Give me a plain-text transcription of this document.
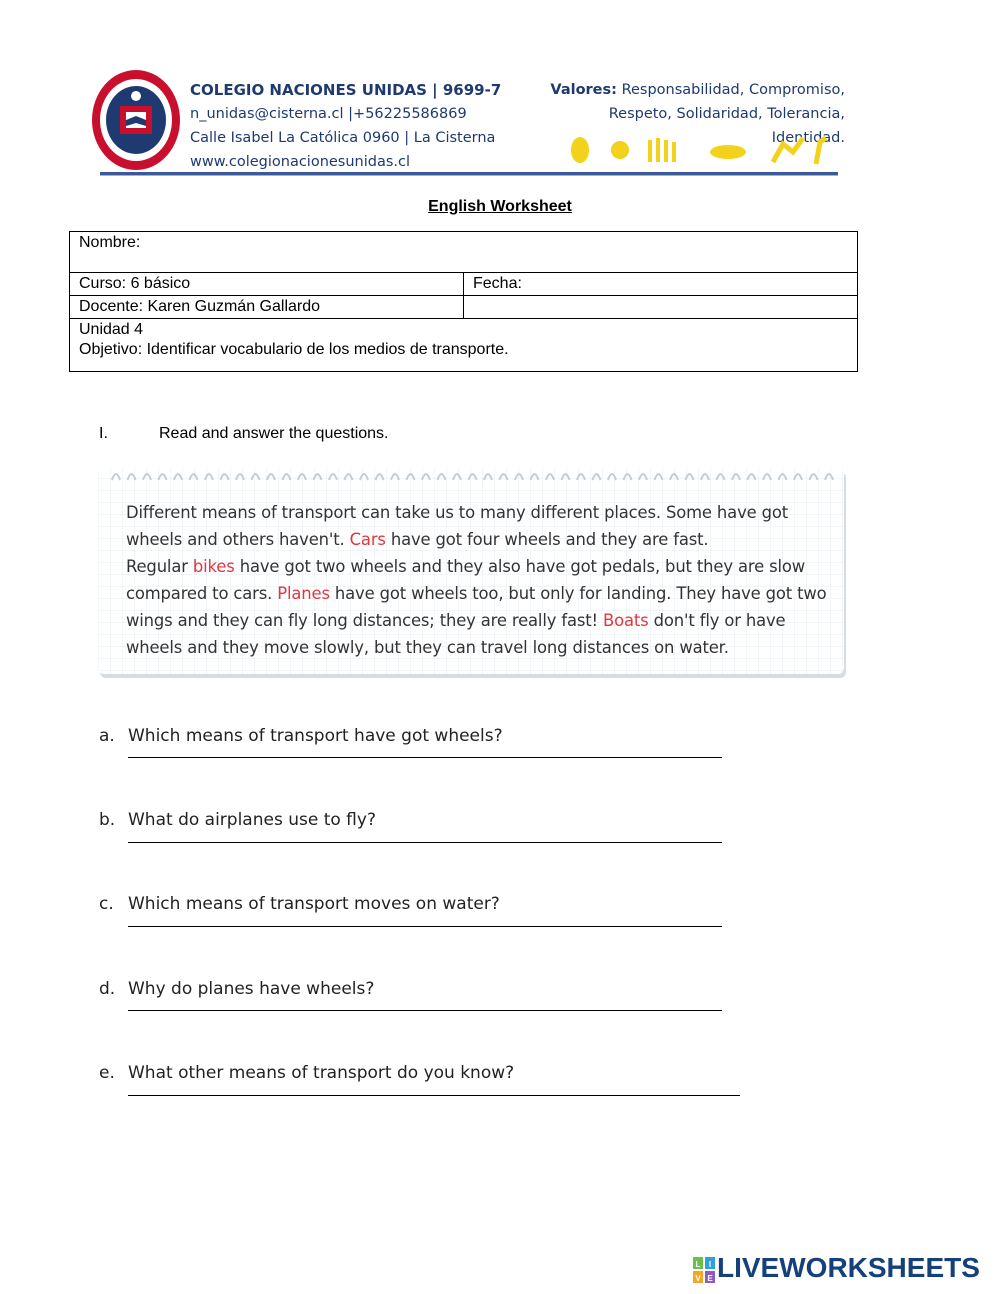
COLEGIO NACIONES UNIDAS | 9699-7
n_unidas@cisterna.cl |+56225586869
Calle Isabel La Católica 0960 | La Cisterna
www.colegionacionesunidas.cl
Valores: Responsabilidad, Compromiso,
Respeto, Solidaridad, Tolerancia, Identidad.
English Worksheet
Nombre:	
Curso: 6 básico	Fecha:
Docente: Karen Guzmán Gallardo	

Unidad 4
Objetivo: Identificar vocabulario de los medios de transporte.	
I.	Read and answer the questions.
Different means of transport can take us to many different places. Some have got wheels and others haven't. Cars have got four wheels and they are fast.
Regular bikes have got two wheels and they also have got pedals, but they are slow compared to cars. Planes have got wheels too, but only for landing. They have got two wings and they can fly long distances; they are really fast! Boats don't fly or have wheels and they move slowly, but they can travel long distances on water.
a. Which means of transport have got wheels?
b. What do airplanes use to fly?
c. Which means of transport moves on water?
d. Why do planes have wheels?
e. What other means of transport do you know?
L I
V E LIVEWORKSHEETS
